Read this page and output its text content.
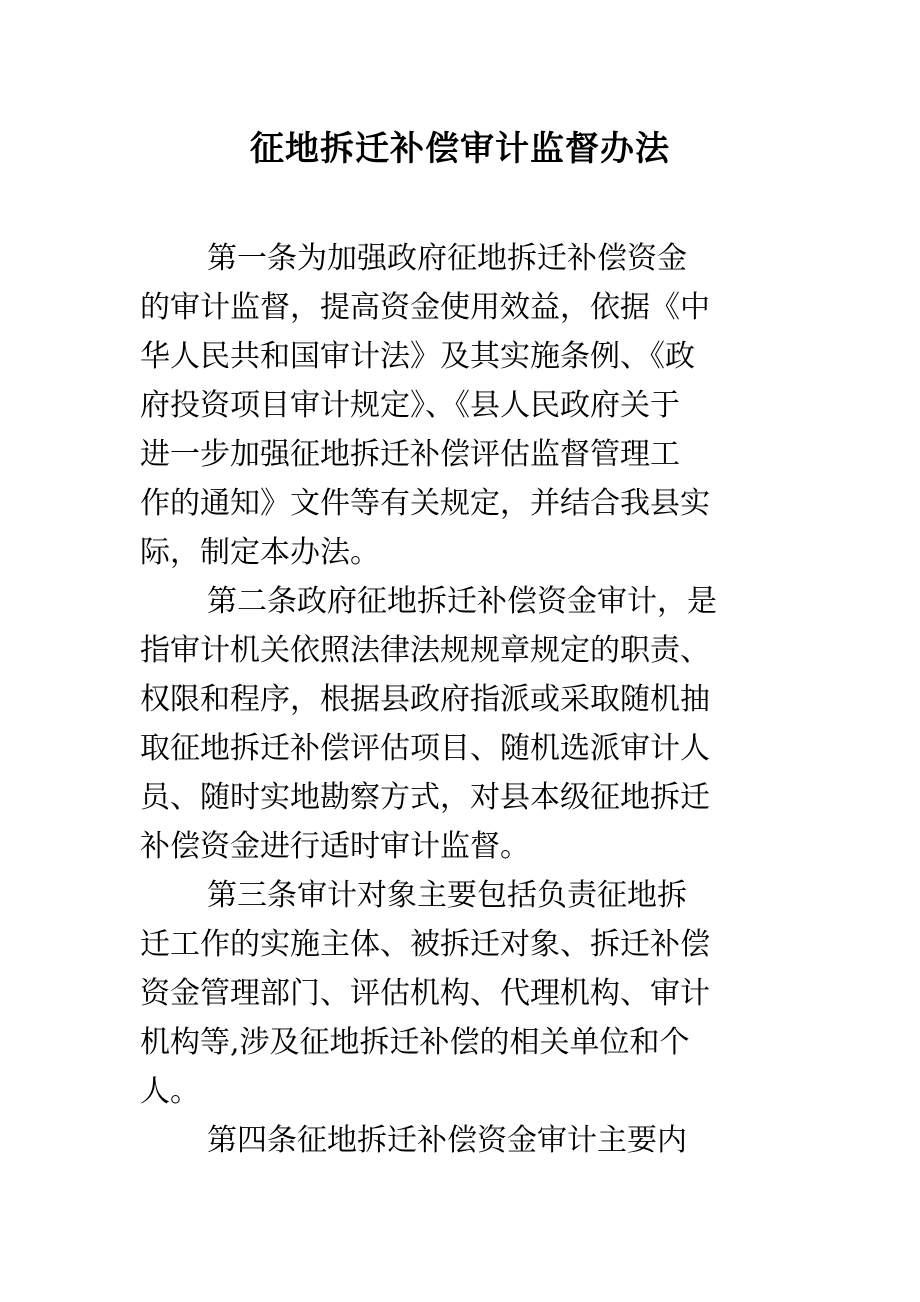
征地拆迁补偿审计监督办法
第一条为加强政府征地拆迁补偿资金
的审计监督，提高资金使用效益，依据《中
华人民共和国审计法》及其实施条例、《政
府投资项目审计规定》、《县人民政府关于
进一步加强征地拆迁补偿评估监督管理工
作的通知》文件等有关规定，并结合我县实
际，制定本办法。
第二条政府征地拆迁补偿资金审计，是
指审计机关依照法律法规规章规定的职责、
权限和程序，根据县政府指派或采取随机抽
取征地拆迁补偿评估项目、随机选派审计人
员、随时实地勘察方式，对县本级征地拆迁
补偿资金进行适时审计监督。
第三条审计对象主要包括负责征地拆
迁工作的实施主体、被拆迁对象、拆迁补偿
资金管理部门、评估机构、代理机构、审计
机构等,涉及征地拆迁补偿的相关单位和个
人。
第四条征地拆迁补偿资金审计主要内
